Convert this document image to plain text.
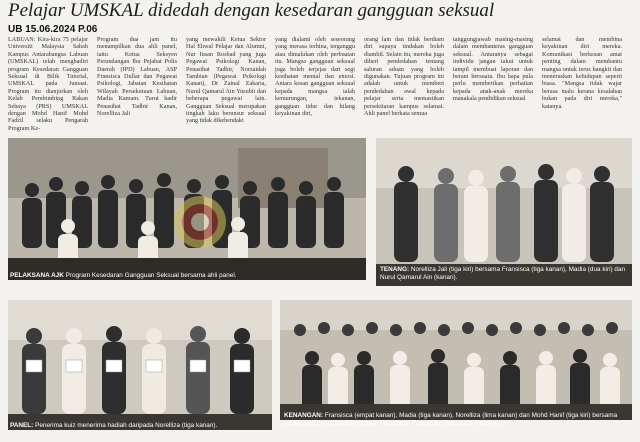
Pelajar UMSKAL didedah dengan kesedaran gangguan seksual
UB 15.06.2024 P.06
LABUAN: Kira-kira 75 pelajar Universiti Malaysia Sabah Kampus Antarabangsa Labuan (UMSKAL) telah menghadiri program Kesedaran Gangguan Seksual di Bilik Tutorial, UMSKAL pada Jumaat. Program itu dianjurkan oleh Kelab Pembimbing Rakan Sebaya (PRS) UMSKAL dengan Mohd Hanif Mohd Fadzil selaku Pengarah Program Ke-
Program dua jam itu menampilkan dua ahli panel, iaitu Ketua Seksyen Perundangan Ibu Pejabat Polis Daerah (IPD) Labuan, ASP Fransisca Dullar dan Pegawai Psikologi, Jabatan Kesihatan Wilayah Persekutuan Labuan, Madia Kamam. Turut hadir Penasihat Tadbir Kanan, Norelliza Jali
yang mewakili Ketua Sektor Hal Ehwal Pelajar dan Alumni, Nur Insan Rosbad yang juga Pegawai Psikologi Kanan, Penasihat Tadbir, Norzaidah Tambian (Pegawai Psikologi Kanan), Dr Zainal Zakaria, Nurul Qamarul Ain Yusubit dan beberapa pegawai lain. Gangguan Seksual merupakan tingkah laku berunsur seksual yang tidak dikehendaki
yang dialami oleh seseorang yang merasa terhina, terganggu atau dimalukan oleh perbuatan itu. Mangsa gangguan seksual juga boleh terjejas dari segi kesihatan mental dan emosi. Antara kesan gangguan seksual kepada mangsa ialah kemurungan, tekanan, gangguan tidur dan hilang keyakinan diri,
orang lain dan tidak berdiam diri supaya tindakan boleh diambil. Selain itu, mereka juga diberi pendedahan tentang saluran aduan yang boleh digunakan. Tujuan program ini adalah untuk memberi pendedahan awal kepada pelajar serta memastikan persekitaran kampus selamat. Ahli panel berkata semua
tanggungjawab masing-masing dalam membanteras gangguan seksual. Antaranya sebagai individu jangan takut untuk tampil membuat laporan dan berani bersuara. Ibu bapa pula perlu memberikan perhatian kepada anak-anak mereka manakala pendidikan seksual
selamat dan membina keyakinan diri mereka. Komunikasi berkesan amat penting dalam membantu mangsa untuk terus bangkit dan meneruskan kehidupan seperti biasa. "Mangsa tidak wajar berasa malu kerana kesalahan bukan pada diri mereka," katanya.
PELAKSANA AJK Program Kesedaran Gangguan Seksual bersama ahli panel.
TENANG: Norelliza Jali (tiga kiri) bersama Fransisca (tiga kanan), Madia (dua kiri) dan Nurul Qamarul Ain (kanan).
PANEL: Penerima kuiz menerima hadiah daripada Norelliza (tiga kanan).
KENANGAN: Fransisca (empat kanan), Madia (tiga kanan), Norelliza (lima kanan) dan Mohd Hanif (tiga kiri) bersama pelajar yang menghadiri program Kesedaran Gangguan Seksual di UMSKAL.
